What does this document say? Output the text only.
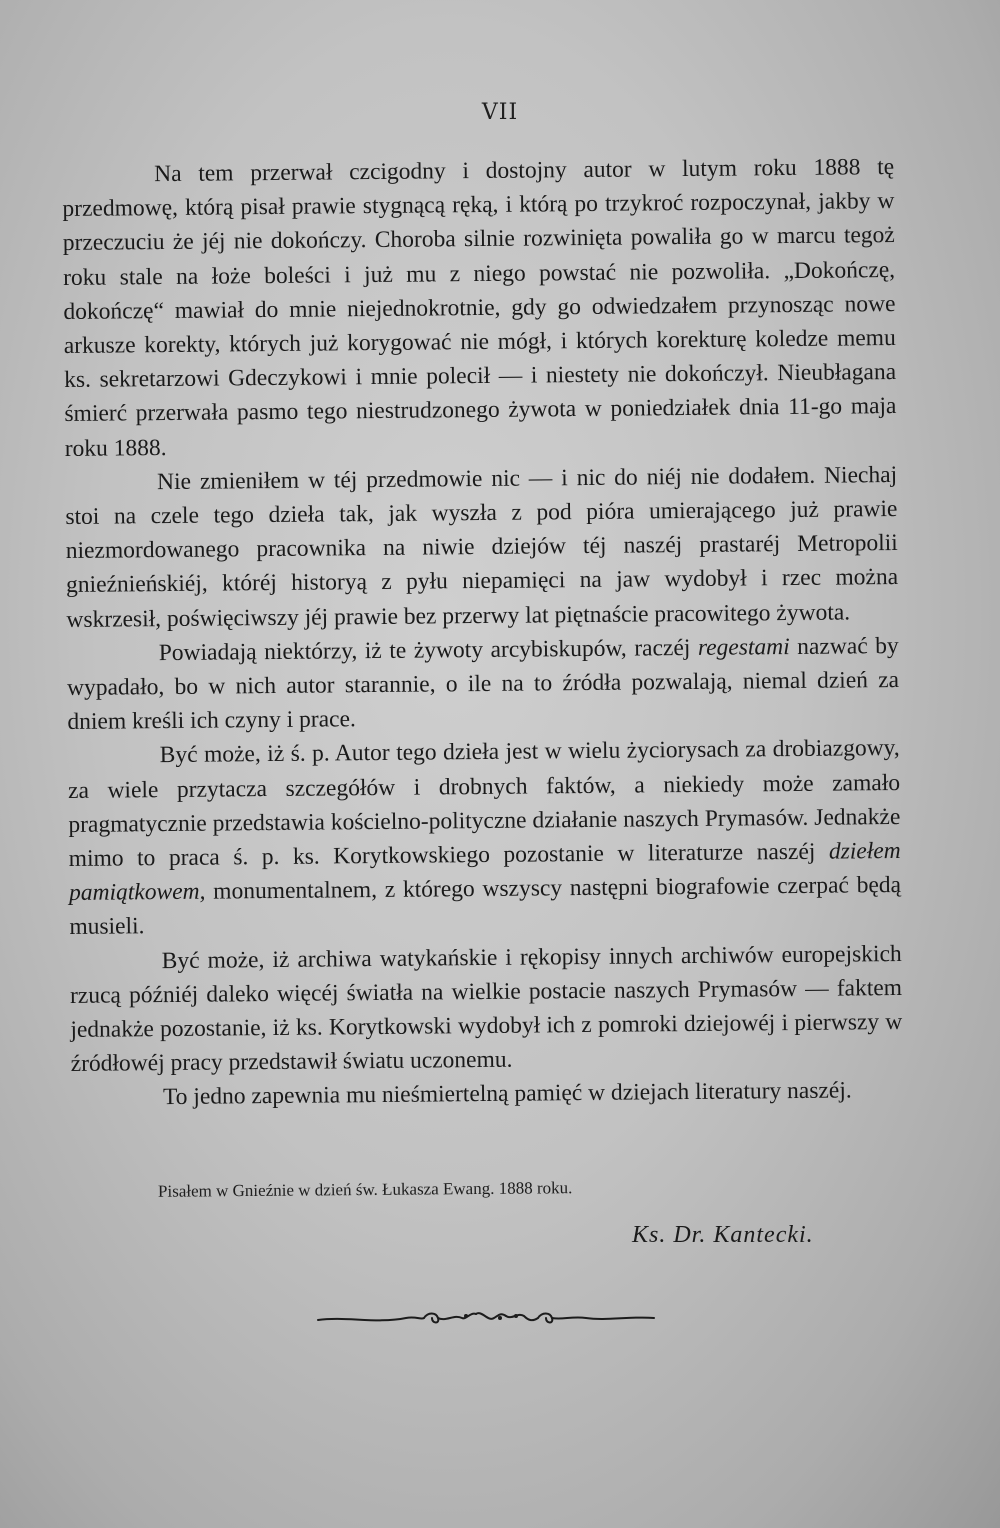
VII

Na tem przerwał czcigodny i dostojny autor w lutym roku 1888 tę przedmowę, którą pisał prawie stygnącą ręką, i którą po trzykroć rozpoczynał, jakby w przeczuciu że jéj nie dokończy. Choroba silnie rozwinięta powaliła go w marcu tegoż roku stale na łoże boleści i już mu z niego powstać nie pozwoliła. „Dokończę, dokończę“ mawiał do mnie niejednokrotnie, gdy go odwiedzałem przynosząc nowe arkusze korekty, których już korygować nie mógł, i których korekturę koledze memu ks. sekretarzowi Gdeczykowi i mnie polecił — i niestety nie dokończył. Nieubłagana śmierć przerwała pasmo tego niestrudzonego żywota w poniedziałek dnia 11-go maja roku 1888.

Nie zmieniłem w téj przedmowie nic — i nic do niéj nie dodałem. Niechaj stoi na czele tego dzieła tak, jak wyszła z pod pióra umierającego już prawie niezmordowanego pracownika na niwie dziejów téj naszéj prastaréj Metropolii gnieźnieńskiéj, któréj historyą z pyłu niepamięci na jaw wydobył i rzec można wskrzesił, poświęciwszy jéj prawie bez przerwy lat piętnaście pracowitego żywota.

Powiadają niektórzy, iż te żywoty arcybiskupów, raczéj regestami nazwać by wypadało, bo w nich autor starannie, o ile na to źródła pozwalają, niemal dzień za dniem kreśli ich czyny i prace.

Być może, iż ś. p. Autor tego dzieła jest w wielu życiorysach za drobiazgowy, za wiele przytacza szczegółów i drobnych faktów, a niekiedy może zamało pragmatycznie przedstawia kościelno-polityczne działanie naszych Prymasów. Jednakże mimo to praca ś. p. ks. Korytkowskiego pozostanie w literaturze naszéj dziełem pamiątkowem, monumentalnem, z którego wszyscy następni biografowie czerpać będą musieli.

Być może, iż archiwa watykańskie i rękopisy innych archiwów europejskich rzucą późniéj daleko więcéj światła na wielkie postacie naszych Prymasów — faktem jednakże pozostanie, iż ks. Korytkowski wydobył ich z pomroki dziejowéj i pierwszy w źródłowéj pracy przedstawił światu uczonemu.

To jedno zapewnia mu nieśmiertelną pamięć w dziejach literatury naszéj.

Pisałem w Gnieźnie w dzień św. Łukasza Ewang. 1888 roku.
Ks. Dr. Kantecki.
